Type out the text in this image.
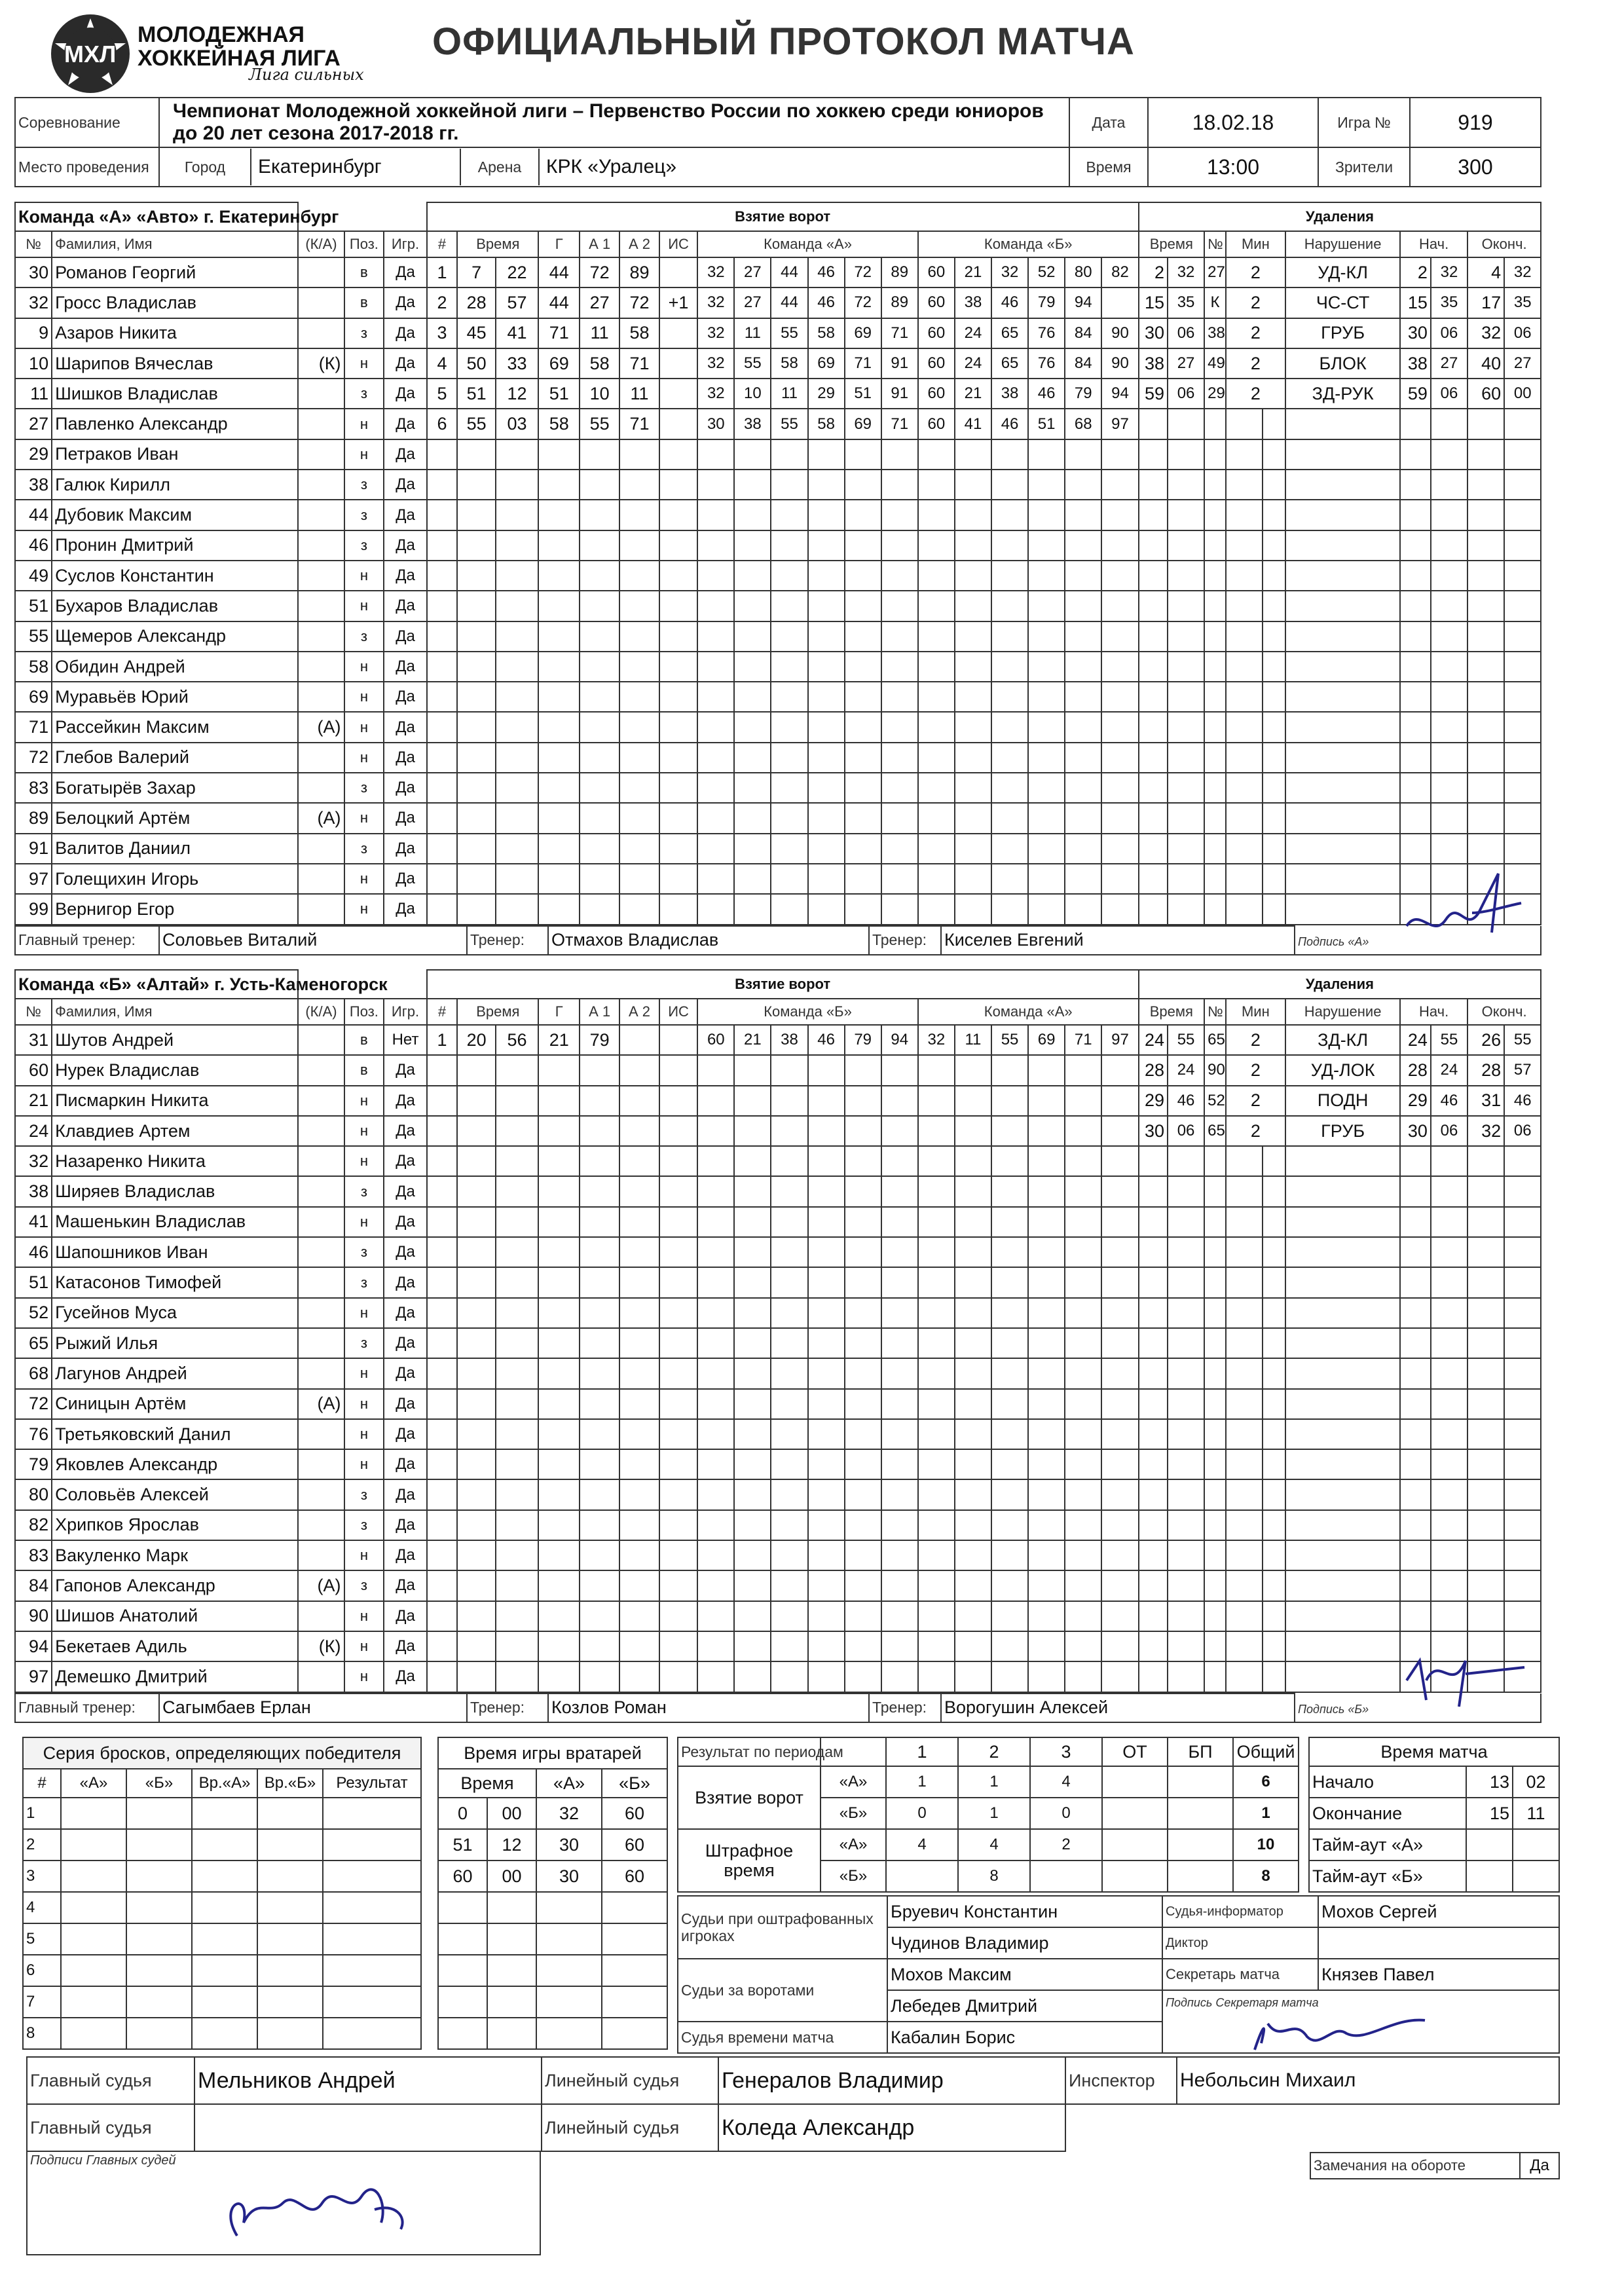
МХЛ
МОЛОДЕЖНАЯ
ХОККЕЙНАЯ ЛИГА
Лига сильных
ОФИЦИАЛЬНЫЙ ПРОТОКОЛ МАТЧА
Соревнование	Чемпионат Молодежной хоккейной лиги – Первенство России по хоккею среди юниоров до 20 лет сезона 2017-2018 гг.	Дата	18.02.18	Игра №	919
Место проведения	Город Екатеринбург Арена КРК «Уралец»	Время	13:00	Зрители	300
Команда «А» «Авто» г. Екатеринбург					Взятие ворот																			Удаления									
№	Фамилия, Имя	(К/А)	Поз.	Игр.	#	Время		Г	А 1	А 2	ИС	Команда «А»						Команда «Б»						Время		№	Мин		Нарушение	Нач.		Оконч.	
30	Романов Георгий		в	Да	1	7	22	44	72	89		32	27	44	46	72	89	60	21	32	52	80	82	2	32	27	2		УД-КЛ	2	32	4	32
32	Гросс Владислав		в	Да	2	28	57	44	27	72	+1	32	27	44	46	72	89	60	38	46	79	94		15	35	К	2		ЧС-СТ	15	35	17	35
9	Азаров Никита		з	Да	3	45	41	71	11	58		32	11	55	58	69	71	60	24	65	76	84	90	30	06	38	2		ГРУБ	30	06	32	06
10	Шарипов Вячеслав	(К)	н	Да	4	50	33	69	58	71		32	55	58	69	71	91	60	24	65	76	84	90	38	27	49	2		БЛОК	38	27	40	27
11	Шишков Владислав		з	Да	5	51	12	51	10	11		32	10	11	29	51	91	60	21	38	46	79	94	59	06	29	2		ЗД-РУК	59	06	60	00
27	Павленко Александр		н	Да	6	55	03	58	55	71		30	38	55	58	69	71	60	41	46	51	68	97										
29	Петраков Иван		н	Да																													
38	Галюк Кирилл		з	Да																													
44	Дубовик Максим		з	Да																													
46	Пронин Дмитрий		з	Да																													
49	Суслов Константин		н	Да																													
51	Бухаров Владислав		н	Да																													
55	Щемеров Александр		з	Да																													
58	Обидин Андрей		н	Да																													
69	Муравьёв Юрий		н	Да																													
71	Рассейкин Максим	(А)	н	Да																													
72	Глебов Валерий		н	Да																													
83	Богатырёв Захар		з	Да																													
89	Белоцкий Артём	(А)	н	Да																													
91	Валитов Даниил		з	Да																													
97	Голещихин Игорь		н	Да																													
99	Вернигор Егор		н	Да																													
Главный тренер:	Соловьев Виталий	Тренер:	Отмахов Владислав	Тренер:	Киселев Евгений	Подпись «А»
Команда «Б» «Алтай» г. Усть-Каменогорск					Взятие ворот																			Удаления									
№	Фамилия, Имя	(К/А)	Поз.	Игр.	#	Время		Г	А 1	А 2	ИС	Команда «Б»						Команда «А»						Время		№	Мин		Нарушение	Нач.		Оконч.	
31	Шутов Андрей		в	Нет	1	20	56	21	79			60	21	38	46	79	94	32	11	55	69	71	97	24	55	65	2		ЗД-КЛ	24	55	26	55
60	Нурек Владислав		в	Да																				28	24	90	2		УД-ЛОК	28	24	28	57
21	Писмаркин Никита		н	Да																				29	46	52	2		ПОДН	29	46	31	46
24	Клавдиев Артем		н	Да																				30	06	65	2		ГРУБ	30	06	32	06
32	Назаренко Никита		н	Да																													
38	Ширяев Владислав		з	Да																													
41	Машенькин Владислав		н	Да																													
46	Шапошников Иван		з	Да																													
51	Катасонов Тимофей		з	Да																													
52	Гусейнов Муса		н	Да																													
65	Рыжий Илья		з	Да																													
68	Лагунов Андрей		н	Да																													
72	Синицын Артём	(А)	н	Да																													
76	Третьяковский Данил		н	Да																													
79	Яковлев Александр		н	Да																													
80	Соловьёв Алексей		з	Да																													
82	Хрипков Ярослав		з	Да																													
83	Вакуленко Марк		н	Да																													
84	Гапонов Александр	(А)	з	Да																													
90	Шишов Анатолий		н	Да																													
94	Бекетаев Адиль	(К)	н	Да																													
97	Демешко Дмитрий		н	Да																													
Главный тренер:	Сагымбаев Ерлан	Тренер:	Козлов Роман	Тренер:	Ворогушин Алексей	Подпись «Б»
Серия бросков, определяющих победителя					
#	«А»	«Б»	Вр.«А»	Вр.«Б»	Результат
1					
2					
3					
4					
5					
6					
7					
8					
Время игры вратарей			
Время		«А»	«Б»
0	00	32	60
51	12	30	60
60	00	30	60

Результат по периодам		1	2	3	ОТ	БП	Общий
Взятие ворот	«А»	1	1	4			6
	«Б»	0	1	0			1
Штрафное время	«А»	4	4	2			10
	«Б»		8				8
Время матча		
Начало	13	02
Окончание	15	11
Тайм-аут «А»		
Тайм-аут «Б»		
Судьи при оштрафованных игроках	Бруевич Константин	Судья-информатор	Мохов Сергей
	Чудинов Владимир	Диктор	
Судьи за воротами	Мохов Максим	Секретарь матча	Князев Павел
	Лебедев Дмитрий	Подпись Секретаря матча	

Судья времени матча	Кабалин Борис		
Главный судья	Мельников Андрей	Линейный судья	Генералов Владимир	Инспектор	Небольсин Михаил
Главный судья		Линейный судья	Коледа Александр		
Подписи Главных судей	Замечания на обороте	Да
